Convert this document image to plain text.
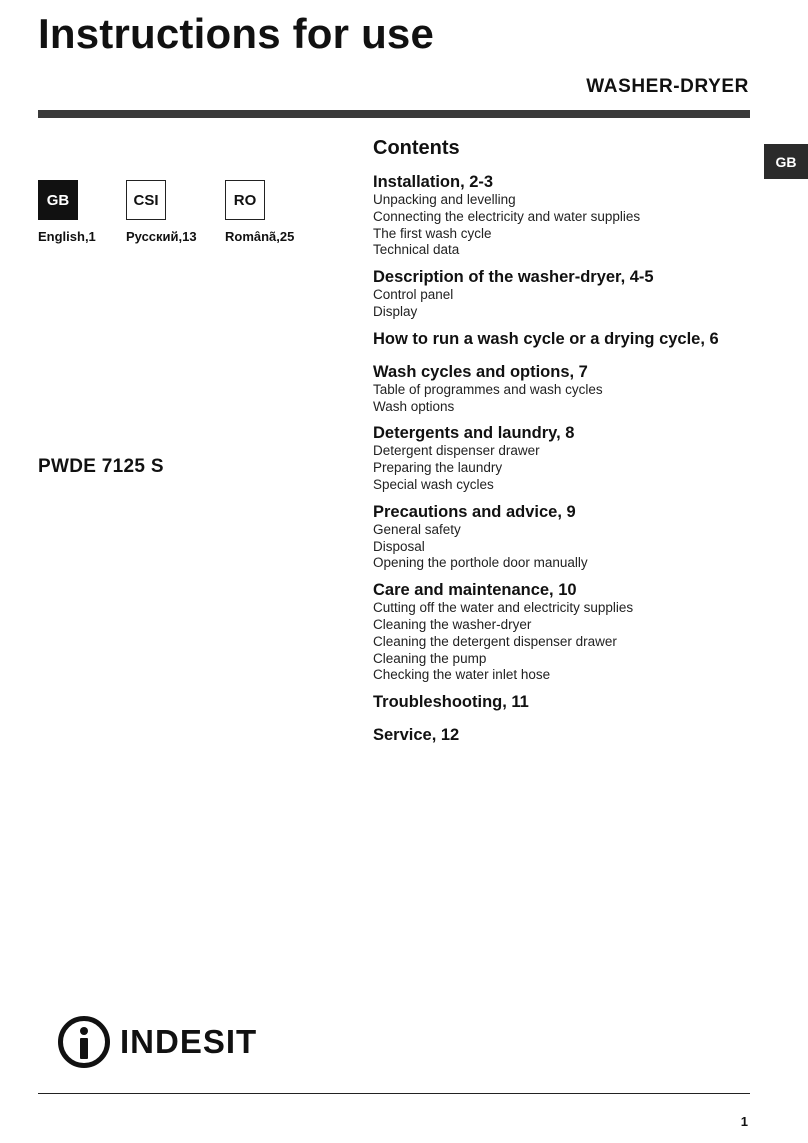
Instructions for use
WASHER-DRYER
GB
GB
English,1
CSI
Русский,13
RO
Românã,25
PWDE 7125 S
Contents
Installation, 2-3
Unpacking and levelling
Connecting the electricity and water supplies
The first wash cycle
Technical data
Description of the washer-dryer, 4-5
Control panel
Display
How to run a wash cycle or a drying cycle, 6
Wash cycles and options, 7
Table of programmes and wash cycles
Wash options
Detergents and laundry, 8
Detergent dispenser drawer
Preparing the laundry
Special wash cycles
Precautions and advice, 9
General safety
Disposal
Opening the porthole door manually
Care and maintenance, 10
Cutting off the water and electricity supplies
Cleaning the washer-dryer
Cleaning the detergent dispenser drawer
Cleaning the pump
Checking the water inlet hose
Troubleshooting, 11
Service, 12
INDESIT
1
